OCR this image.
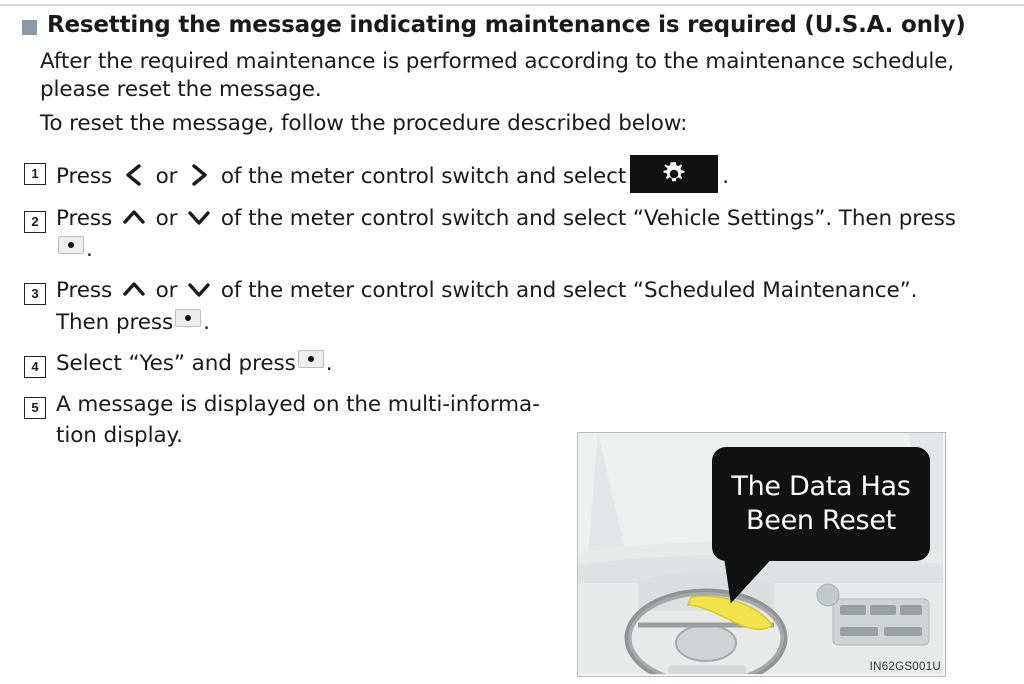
Resetting the message indicating maintenance is required (U.S.A. only)

After the required maintenance is performed according to the maintenance schedule, please reset the message.

To reset the message, follow the procedure described below:

1 Press or of the meter control switch and select	.
2 Press or of the meter control switch and select “Vehicle Settings”. Then press
.
3 Press or of the meter control switch and select “Scheduled Maintenance”.
Then press .
4 Select “Yes” and press .
5 A message is displayed on the multi-informa-
tion display.
The Data Has
Been Reset
IN62GS001U
